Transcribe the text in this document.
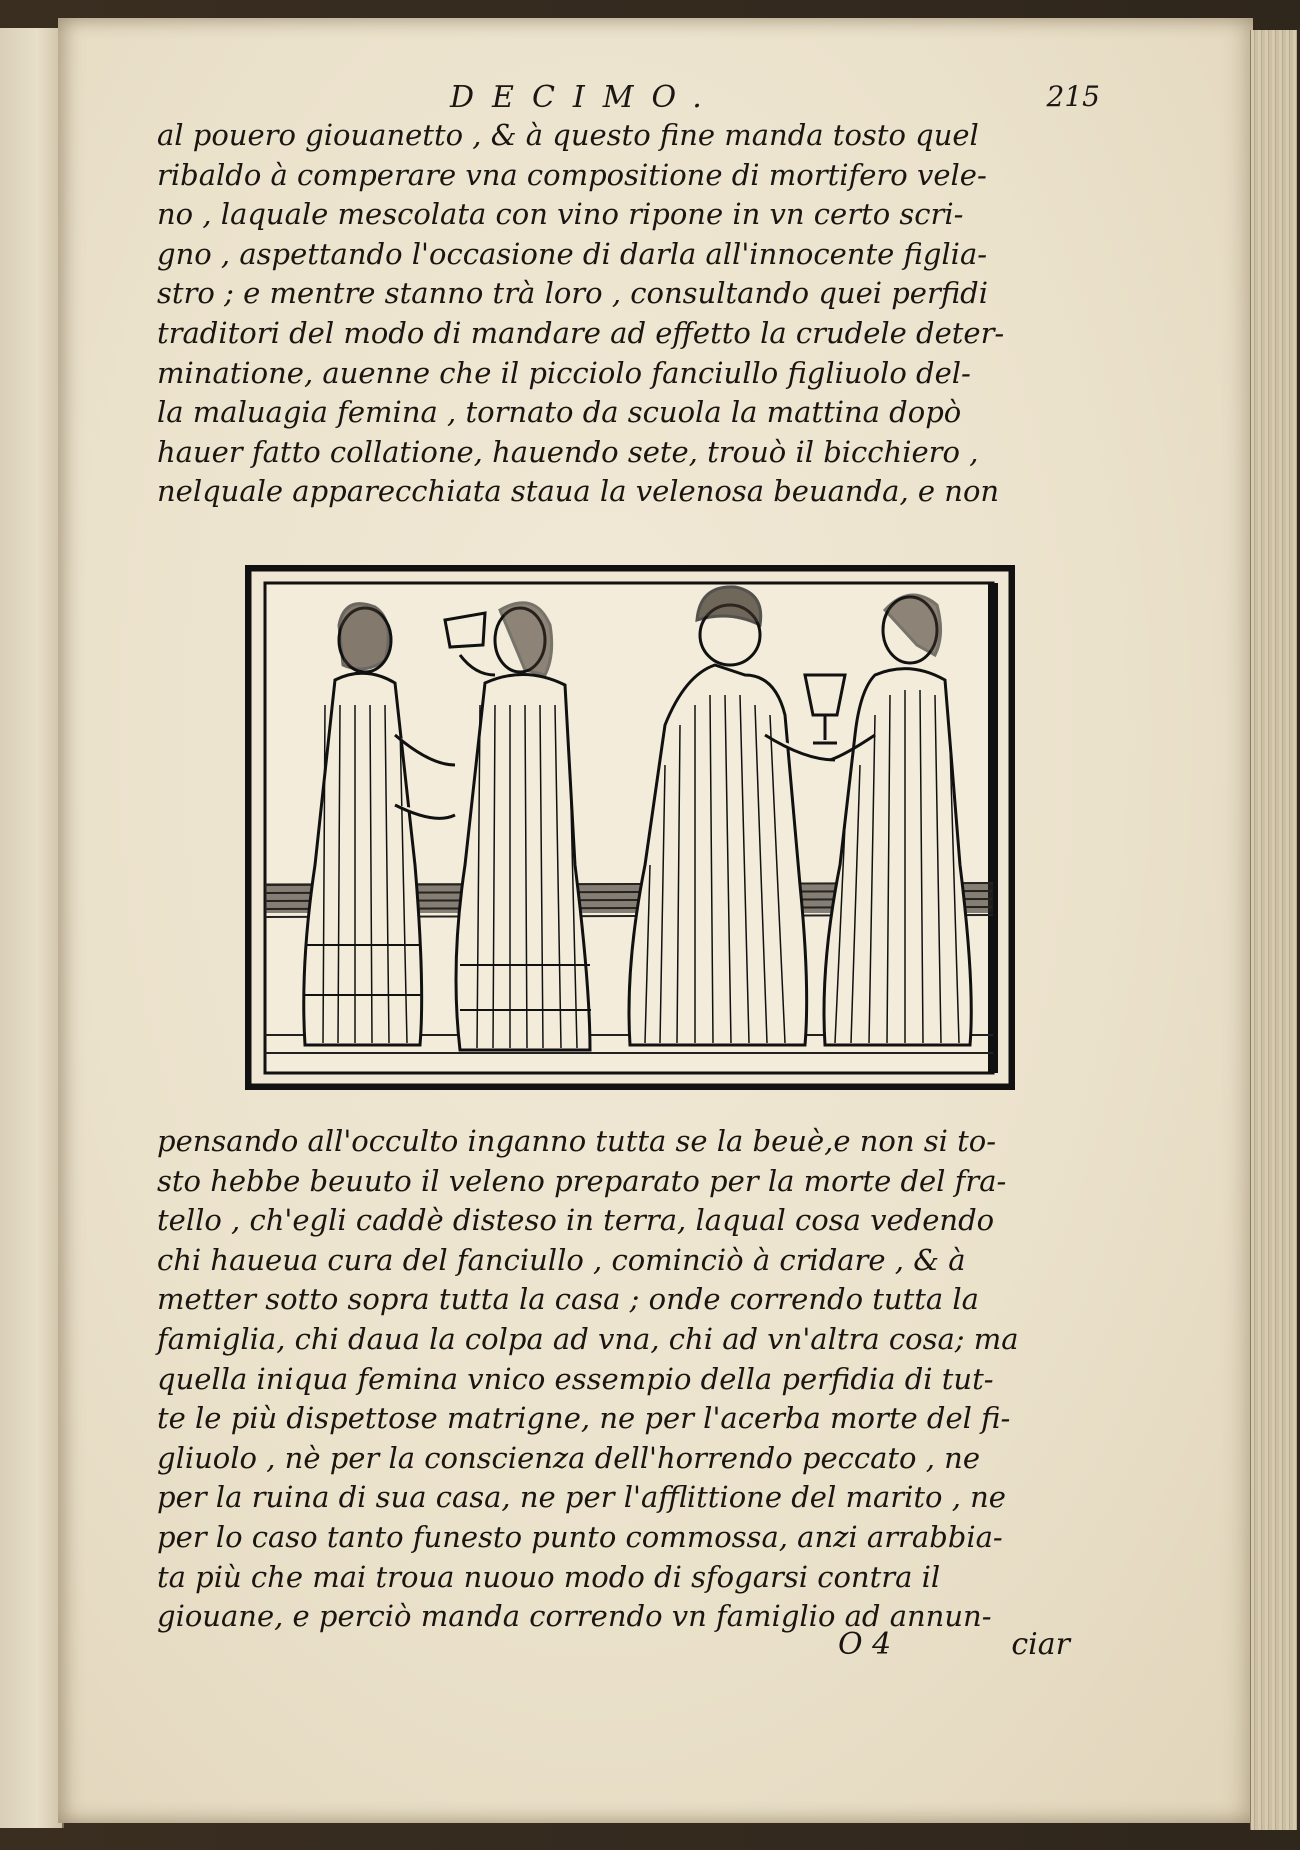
DECIMO.	215
al pouero giouanetto , & à questo fine manda tosto quel
ribaldo à comperare vna compositione di mortifero vele-
no , laquale mescolata con vino ripone in vn certo scri-
gno , aspettando l'occasione di darla all'innocente figlia-
stro ; e mentre stanno trà loro , consultando quei perfidi
traditori del modo di mandare ad effetto la crudele deter-
minatione, auenne che il picciolo fanciullo figliuolo del-
la maluagia femina , tornato da scuola la mattina dopò
hauer fatto collatione, hauendo sete, trouò il bicchiero ,
nelquale apparecchiata staua la velenosa beuanda, e non
pensando all'occulto inganno tutta se la beuè,e non si to-
sto hebbe beuuto il veleno preparato per la morte del fra-
tello , ch'egli caddè disteso in terra, laqual cosa vedendo
chi haueua cura del fanciullo , cominciò à cridare , & à
metter sotto sopra tutta la casa ; onde correndo tutta la
famiglia, chi daua la colpa ad vna, chi ad vn'altra cosa; ma
quella iniqua femina vnico essempio della perfidia di tut-
te le più dispettose matrigne, ne per l'acerba morte del fi-
gliuolo , nè per la conscienza dell'horrendo peccato , ne
per la ruina di sua casa, ne per l'afflittione del marito , ne
per lo caso tanto funesto punto commossa, anzi arrabbia-
ta più che mai troua nuouo modo di sfogarsi contra il
giouane, e perciò manda correndo vn famiglio ad annun-
O 4	ciar
